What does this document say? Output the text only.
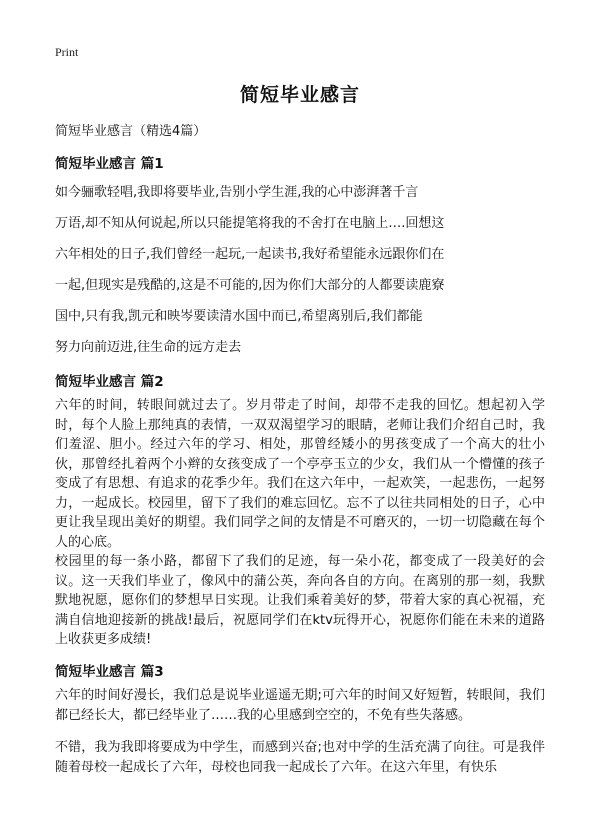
Print
简短毕业感言
简短毕业感言（精选4篇）
简短毕业感言 篇1
如今骊歌轻唱,我即将要毕业,告别小学生涯,我的心中澎湃著千言
万语,却不知从何说起,所以只能提笔将我的不舍打在电脑上….回想这
六年相处的日子,我们曾经一起玩,一起读书,我好希望能永远跟你们在
一起,但现实是残酷的,这是不可能的,因为你们大部分的人都要读鹿寮
国中,只有我,凯元和映岑要读清水国中而已,希望离别后,我们都能
努力向前迈进,往生命的远方走去
简短毕业感言 篇2
六年的时间，转眼间就过去了。岁月带走了时间，却带不走我的回忆。想起初入学时，每个人脸上那纯真的表情，一双双渴望学习的眼睛，老师让我们介绍自己时，我们羞涩、胆小。经过六年的学习、相处，那曾经矮小的男孩变成了一个高大的壮小伙，那曾经扎着两个小辫的女孩变成了一个亭亭玉立的少女，我们从一个懵懂的孩子变成了有思想、有追求的花季少年。我们在这六年中，一起欢笑，一起悲伤，一起努力，一起成长。校园里，留下了我们的难忘回忆。忘不了以往共同相处的日子，心中更让我呈现出美好的期望。我们同学之间的友情是不可磨灭的，一切一切隐藏在每个人的心底。
校园里的每一条小路，都留下了我们的足迹，每一朵小花，都变成了一段美好的会议。这一天我们毕业了，像风中的蒲公英，奔向各自的方向。在离别的那一刻，我默默地祝愿，愿你们的梦想早日实现。让我们乘着美好的梦，带着大家的真心祝福，充满自信地迎接新的挑战!最后，祝愿同学们在ktv玩得开心，祝愿你们能在未来的道路上收获更多成绩!
简短毕业感言 篇3
六年的时间好漫长，我们总是说毕业遥遥无期;可六年的时间又好短暂，转眼间，我们都已经长大，都已经毕业了……我的心里感到空空的，不免有些失落感。
不错，我为我即将要成为中学生，而感到兴奋;也对中学的生活充满了向往。可是我伴随着母校一起成长了六年，母校也同我一起成长了六年。在这六年里，有快乐
